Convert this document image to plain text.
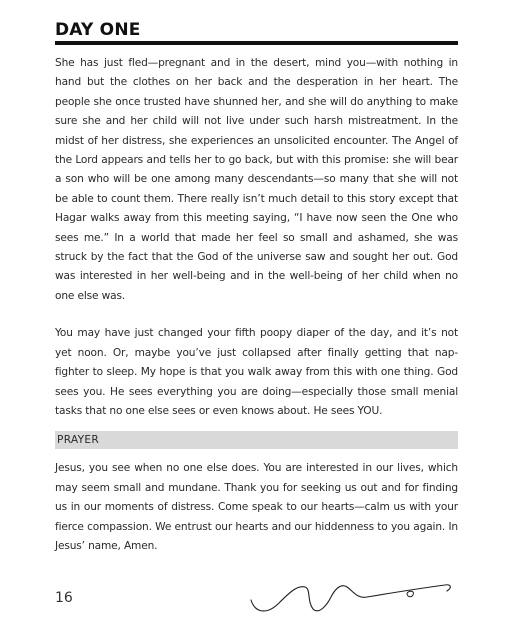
DAY ONE

She has just fled—pregnant and in the desert, mind you—with nothing in hand but the clothes on her back and the desperation in her heart. The people she once trusted have shunned her, and she will do anything to make sure she and her child will not live under such harsh mistreatment. In the midst of her distress, she experiences an unsolicited encounter. The Angel of the Lord appears and tells her to go back, but with this promise: she will bear a son who will be one among many descendants—so many that she will not be able to count them. There really isn’t much detail to this story except that Hagar walks away from this meeting saying, “I have now seen the One who sees me.” In a world that made her feel so small and ashamed, she was struck by the fact that the God of the universe saw and sought her out. God was interested in her well-being and in the well-being of her child when no one else was.

You may have just changed your fifth poopy diaper of the day, and it’s not yet noon. Or, maybe you’ve just collapsed after finally getting that nap-fighter to sleep. My hope is that you walk away from this with one thing. God sees you. He sees everything you are doing—especially those small menial tasks that no one else sees or even knows about. He sees YOU.

PRAYER

Jesus, you see when no one else does. You are interested in our lives, which may seem small and mundane. Thank you for seeking us out and for finding us in our moments of distress. Come speak to our hearts—calm us with your fierce compassion. We entrust our hearts and our hiddenness to you again. In Jesus’ name, Amen.

16
